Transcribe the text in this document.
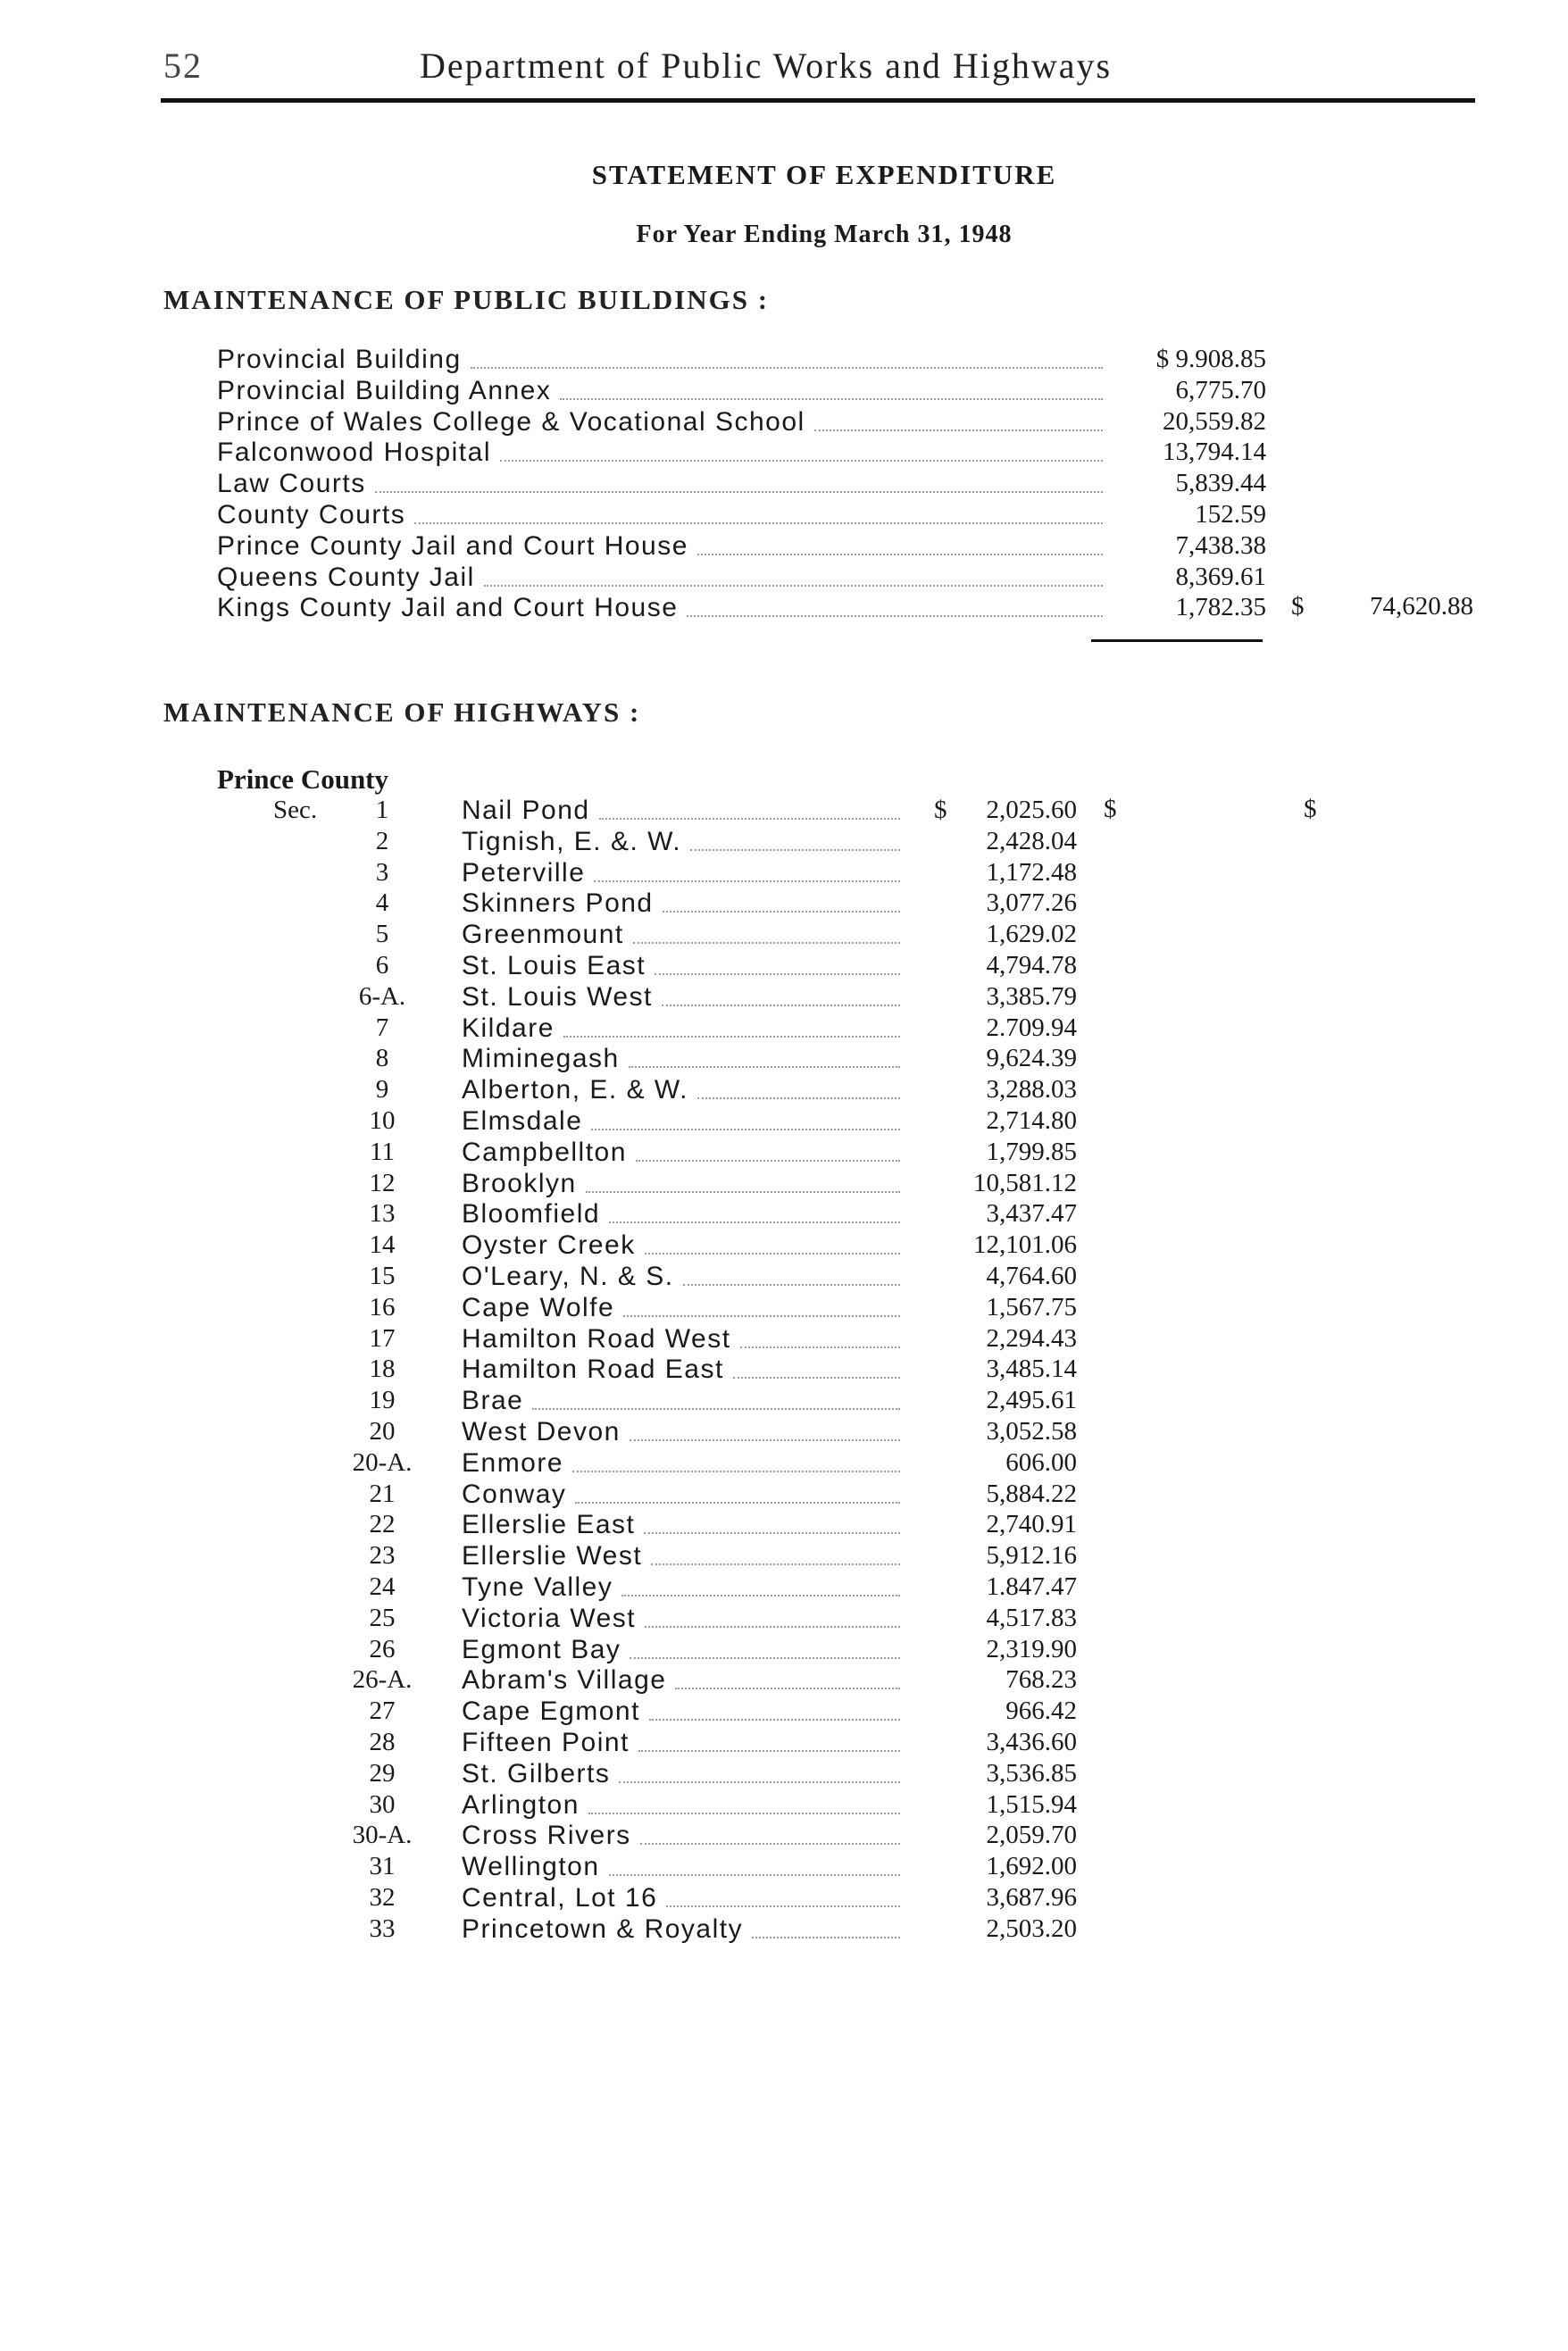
52	Department of Public Works and Highways
STATEMENT OF EXPENDITURE
For Year Ending March 31, 1948
MAINTENANCE OF PUBLIC BUILDINGS :
Provincial Building	$ 9.908.85
Provincial Building Annex	6,775.70
Prince of Wales College & Vocational School	20,559.82
Falconwood Hospital	13,794.14
Law Courts	5,839.44
County Courts	152.59
Prince County Jail and Court House	7,438.38
Queens County Jail	8,369.61
Kings County Jail and Court House	1,782.35 $	74,620.88
MAINTENANCE OF HIGHWAYS :
Prince County
$	$
Sec.	1	Nail Pond	$	2,025.60
2	Tignish, E. &. W.	2,428.04
3	Peterville	1,172.48
4	Skinners Pond	3,077.26
5	Greenmount	1,629.02
6	St. Louis East	4,794.78
6-A.	St. Louis West	3,385.79
7	Kildare	2.709.94
8	Miminegash	9,624.39
9	Alberton, E. & W.	3,288.03
10	Elmsdale	2,714.80
11	Campbellton	1,799.85
12	Brooklyn	10,581.12
13	Bloomfield	3,437.47
14	Oyster Creek	12,101.06
15	O'Leary, N. & S.	4,764.60
16	Cape Wolfe	1,567.75
17	Hamilton Road West	2,294.43
18	Hamilton Road East	3,485.14
19	Brae	2,495.61
20	West Devon	3,052.58
20-A.	Enmore	606.00
21	Conway	5,884.22
22	Ellerslie East	2,740.91
23	Ellerslie West	5,912.16
24	Tyne Valley	1.847.47
25	Victoria West	4,517.83
26	Egmont Bay	2,319.90
26-A.	Abram's Village	768.23
27	Cape Egmont	966.42
28	Fifteen Point	3,436.60
29	St. Gilberts	3,536.85
30	Arlington	1,515.94
30-A.	Cross Rivers	2,059.70
31	Wellington	1,692.00
32	Central, Lot 16	3,687.96
33	Princetown & Royalty	2,503.20
